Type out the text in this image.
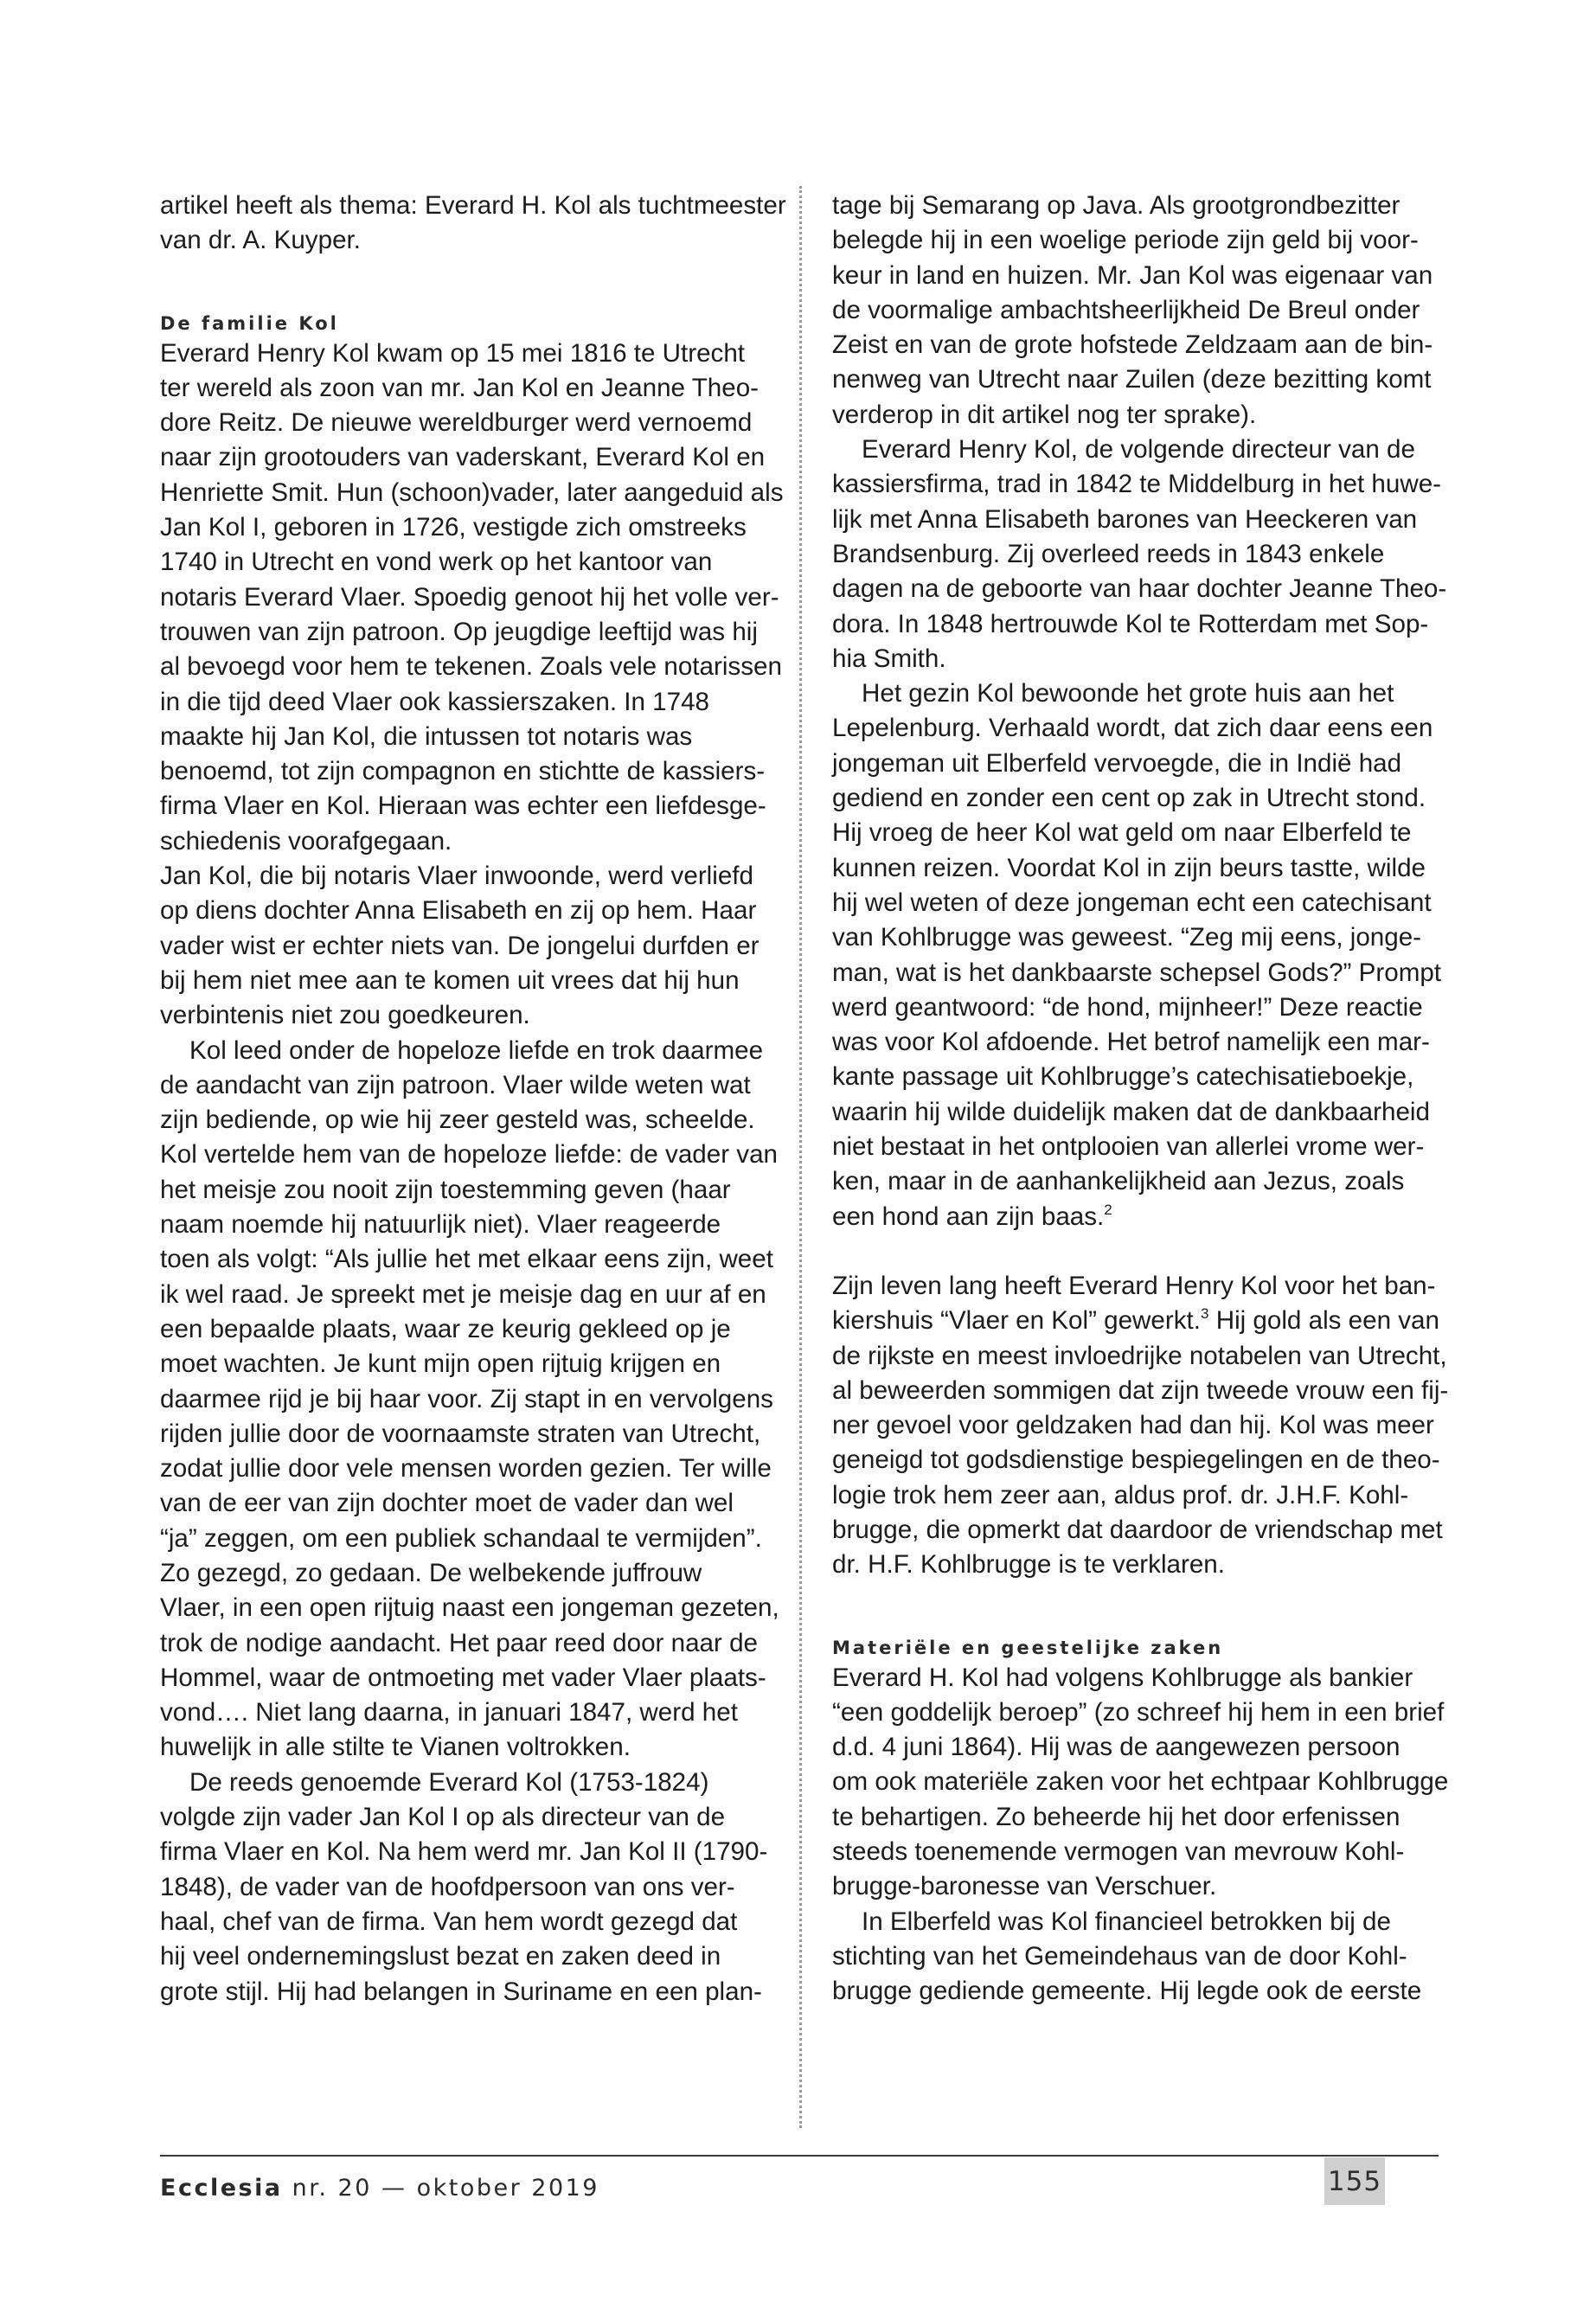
artikel heeft als thema: Everard H. Kol als tuchtmeester
van dr. A. Kuyper.

De familie Kol

Everard Henry Kol kwam op 15 mei 1816 te Utrecht
ter wereld als zoon van mr. Jan Kol en Jeanne Theo-
dore Reitz. De nieuwe wereldburger werd vernoemd
naar zijn grootouders van vaderskant, Everard Kol en
Henriette Smit. Hun (schoon)vader, later aangeduid als
Jan Kol I, geboren in 1726, vestigde zich omstreeks
1740 in Utrecht en vond werk op het kantoor van
notaris Everard Vlaer. Spoedig genoot hij het volle ver-
trouwen van zijn patroon. Op jeugdige leeftijd was hij
al bevoegd voor hem te tekenen. Zoals vele notarissen
in die tijd deed Vlaer ook kassierszaken. In 1748
maakte hij Jan Kol, die intussen tot notaris was
benoemd, tot zijn compagnon en stichtte de kassiers-
firma Vlaer en Kol. Hieraan was echter een liefdesge-
schiedenis voorafgegaan.

Jan Kol, die bij notaris Vlaer inwoonde, werd verliefd
op diens dochter Anna Elisabeth en zij op hem. Haar
vader wist er echter niets van. De jongelui durfden er
bij hem niet mee aan te komen uit vrees dat hij hun
verbintenis niet zou goedkeuren.

Kol leed onder de hopeloze liefde en trok daarmee
de aandacht van zijn patroon. Vlaer wilde weten wat
zijn bediende, op wie hij zeer gesteld was, scheelde.
Kol vertelde hem van de hopeloze liefde: de vader van
het meisje zou nooit zijn toestemming geven (haar
naam noemde hij natuurlijk niet). Vlaer reageerde
toen als volgt: “Als jullie het met elkaar eens zijn, weet
ik wel raad. Je spreekt met je meisje dag en uur af en
een bepaalde plaats, waar ze keurig gekleed op je
moet wachten. Je kunt mijn open rijtuig krijgen en
daarmee rijd je bij haar voor. Zij stapt in en vervolgens
rijden jullie door de voornaamste straten van Utrecht,
zodat jullie door vele mensen worden gezien. Ter wille
van de eer van zijn dochter moet de vader dan wel
“ja” zeggen, om een publiek schandaal te vermijden”.
Zo gezegd, zo gedaan. De welbekende juffrouw
Vlaer, in een open rijtuig naast een jongeman gezeten,
trok de nodige aandacht. Het paar reed door naar de
Hommel, waar de ontmoeting met vader Vlaer plaats-
vond…. Niet lang daarna, in januari 1847, werd het
huwelijk in alle stilte te Vianen voltrokken.

De reeds genoemde Everard Kol (1753-1824)
volgde zijn vader Jan Kol I op als directeur van de
firma Vlaer en Kol. Na hem werd mr. Jan Kol II (1790-
1848), de vader van de hoofdpersoon van ons ver-
haal, chef van de firma. Van hem wordt gezegd dat
hij veel ondernemingslust bezat en zaken deed in
grote stijl. Hij had belangen in Suriname en een plan-

tage bij Semarang op Java. Als grootgrondbezitter
belegde hij in een woelige periode zijn geld bij voor-
keur in land en huizen. Mr. Jan Kol was eigenaar van
de voormalige ambachtsheerlijkheid De Breul onder
Zeist en van de grote hofstede Zeldzaam aan de bin-
nenweg van Utrecht naar Zuilen (deze bezitting komt
verderop in dit artikel nog ter sprake).

Everard Henry Kol, de volgende directeur van de
kassiersfirma, trad in 1842 te Middelburg in het huwe-
lijk met Anna Elisabeth barones van Heeckeren van
Brandsenburg. Zij overleed reeds in 1843 enkele
dagen na de geboorte van haar dochter Jeanne Theo-
dora. In 1848 hertrouwde Kol te Rotterdam met Sop-
hia Smith.

Het gezin Kol bewoonde het grote huis aan het
Lepelenburg. Verhaald wordt, dat zich daar eens een
jongeman uit Elberfeld vervoegde, die in Indië had
gediend en zonder een cent op zak in Utrecht stond.
Hij vroeg de heer Kol wat geld om naar Elberfeld te
kunnen reizen. Voordat Kol in zijn beurs tastte, wilde
hij wel weten of deze jongeman echt een catechisant
van Kohlbrugge was geweest. “Zeg mij eens, jonge-
man, wat is het dankbaarste schepsel Gods?” Prompt
werd geantwoord: “de hond, mijnheer!” Deze reactie
was voor Kol afdoende. Het betrof namelijk een mar-
kante passage uit Kohlbrugge’s catechisatieboekje,
waarin hij wilde duidelijk maken dat de dankbaarheid
niet bestaat in het ontplooien van allerlei vrome wer-
ken, maar in de aanhankelijkheid aan Jezus, zoals
een hond aan zijn baas.$^2$

Zijn leven lang heeft Everard Henry Kol voor het ban-
kiershuis “Vlaer en Kol” gewerkt.$^3$ Hij gold als een van
de rijkste en meest invloedrijke notabelen van Utrecht,
al beweerden sommigen dat zijn tweede vrouw een fij-
ner gevoel voor geldzaken had dan hij. Kol was meer
geneigd tot godsdienstige bespiegelingen en de theo-
logie trok hem zeer aan, aldus prof. dr. J.H.F. Kohl-
brugge, die opmerkt dat daardoor de vriendschap met
dr. H.F. Kohlbrugge is te verklaren.

Materiële en geestelijke zaken

Everard H. Kol had volgens Kohlbrugge als bankier
“een goddelijk beroep” (zo schreef hij hem in een brief
d.d. 4 juni 1864). Hij was de aangewezen persoon
om ook materiële zaken voor het echtpaar Kohlbrugge
te behartigen. Zo beheerde hij het door erfenissen
steeds toenemende vermogen van mevrouw Kohl-
brugge-baronesse van Verschuer.

In Elberfeld was Kol financieel betrokken bij de
stichting van het Gemeindehaus van de door Kohl-
brugge gediende gemeente. Hij legde ook de eerste

Ecclesia nr. 20 — oktober 2019	155
